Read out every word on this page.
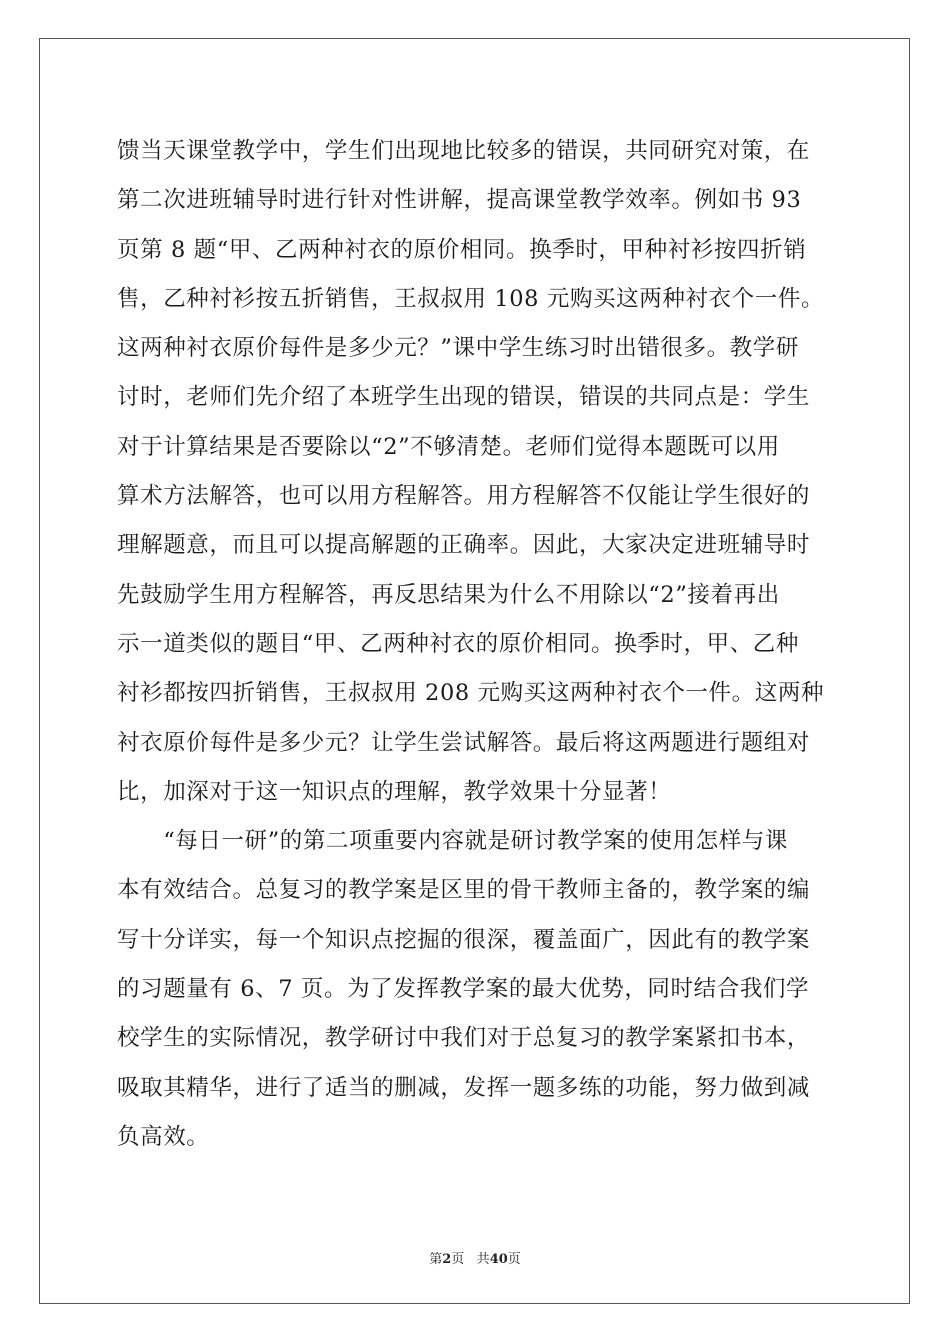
馈当天课堂教学中，学生们出现地比较多的错误，共同研究对策，在
第二次进班辅导时进行针对性讲解，提高课堂教学效率。例如书 93
页第 8 题“甲、乙两种衬衣的原价相同。换季时，甲种衬衫按四折销
售，乙种衬衫按五折销售，王叔叔用 108 元购买这两种衬衣个一件。
这两种衬衣原价每件是多少元？”课中学生练习时出错很多。教学研
讨时，老师们先介绍了本班学生出现的错误，错误的共同点是：学生
对于计算结果是否要除以“2”不够清楚。老师们觉得本题既可以用
算术方法解答，也可以用方程解答。用方程解答不仅能让学生很好的
理解题意，而且可以提高解题的正确率。因此，大家决定进班辅导时
先鼓励学生用方程解答，再反思结果为什么不用除以“2”接着再出
示一道类似的题目“甲、乙两种衬衣的原价相同。换季时，甲、乙种
衬衫都按四折销售，王叔叔用 208 元购买这两种衬衣个一件。这两种
衬衣原价每件是多少元？让学生尝试解答。最后将这两题进行题组对
比，加深对于这一知识点的理解，教学效果十分显著！
　　“每日一研”的第二项重要内容就是研讨教学案的使用怎样与课
本有效结合。总复习的教学案是区里的骨干教师主备的，教学案的编
写十分详实，每一个知识点挖掘的很深，覆盖面广，因此有的教学案
的习题量有 6、7 页。为了发挥教学案的最大优势，同时结合我们学
校学生的实际情况，教学研讨中我们对于总复习的教学案紧扣书本，
吸取其精华，进行了适当的删减，发挥一题多练的功能，努力做到减
负高效。
第2页 共40页
